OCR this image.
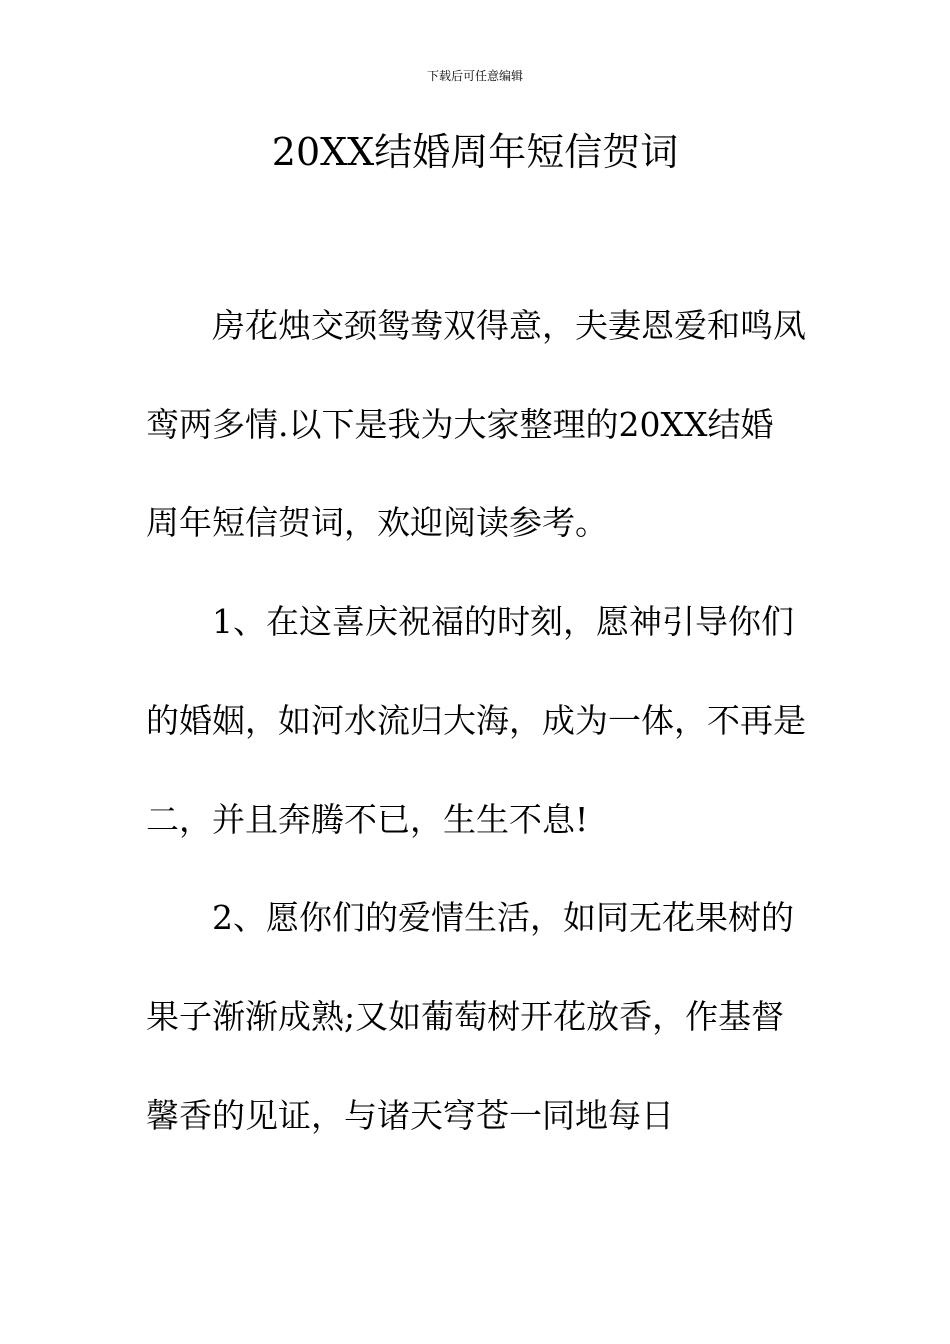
下载后可任意编辑
20XX结婚周年短信贺词

房花烛交颈鸳鸯双得意，夫妻恩爱和鸣凤鸾两多情.以下是我为大家整理的20XX结婚周年短信贺词，欢迎阅读参考。

1、在这喜庆祝福的时刻，愿神引导你们的婚姻，如河水流归大海，成为一体，不再是二，并且奔腾不已，生生不息!

2、愿你们的爱情生活，如同无花果树的果子渐渐成熟;又如葡萄树开花放香，作基督馨香的见证，与诸天穹苍一同地每日
